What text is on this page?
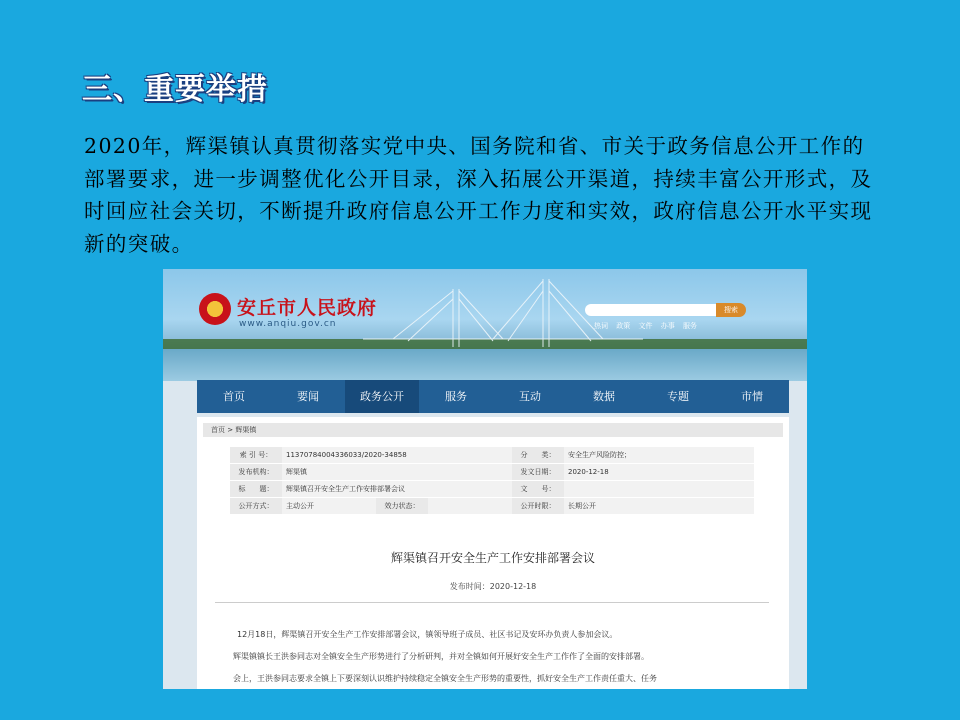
三、重要举措
2020年，辉渠镇认真贯彻落实党中央、国务院和省、市关于政务信息公开工作的部署要求，进一步调整优化公开目录，深入拓展公开渠道，持续丰富公开形式，及时回应社会关切，不断提升政府信息公开工作力度和实效，政府信息公开水平实现新的突破。
安丘市人民政府
www.anqiu.gov.cn
搜索
热词 政策 文件 办事 服务
首页	要闻	政务公开	服务	互动	数据	专题	市情
首页 > 辉渠镇
索 引 号：	11370784004336033/2020-34858			分　　类：	安全生产风险防控；
发布机构：	辉渠镇			发文日期：	2020-12-18
标　　题：	辉渠镇召开安全生产工作安排部署会议			文　　号：	
公开方式：	主动公开	效力状态：		公开时限：	长期公开
辉渠镇召开安全生产工作安排部署会议
发布时间：2020-12-18
12月18日，辉渠镇召开安全生产工作安排部署会议，镇领导班子成员、社区书记及安环办负责人参加会议。
辉渠镇镇长王洪参同志对全镇安全生产形势进行了分析研判，并对全镇如何开展好安全生产工作作了全面的安排部署。
会上，王洪参同志要求全镇上下要深刻认识维护持续稳定全镇安全生产形势的重要性，抓好安全生产工作责任重大、任务
